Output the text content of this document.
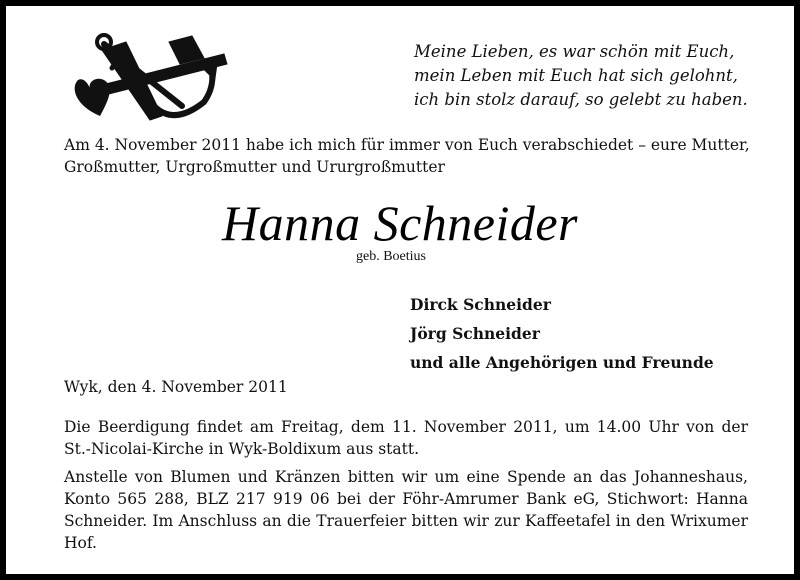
Meine Lieben, es war schön mit Euch,
mein Leben mit Euch hat sich gelohnt,
ich bin stolz darauf, so gelebt zu haben.
Am 4. November 2011 habe ich mich für immer von Euch verabschiedet – eure Mutter, Großmutter, Urgroßmutter und Ururgroßmutter
Hanna Schneider
geb. Boetius
Dirck Schneider
Jörg Schneider
und alle Angehörigen und Freunde
Wyk, den 4. November 2011

Die Beerdigung findet am Freitag, dem 11. November 2011, um 14.00 Uhr von der St.-Nicolai-Kirche in Wyk-Boldixum aus statt.

Anstelle von Blumen und Kränzen bitten wir um eine Spende an das Johanneshaus, Konto 565 288, BLZ 217 919 06 bei der Föhr-Amrumer Bank eG, Stichwort: Hanna Schneider. Im Anschluss an die Trauerfeier bitten wir zur Kaffeetafel in den Wrixumer Hof.
